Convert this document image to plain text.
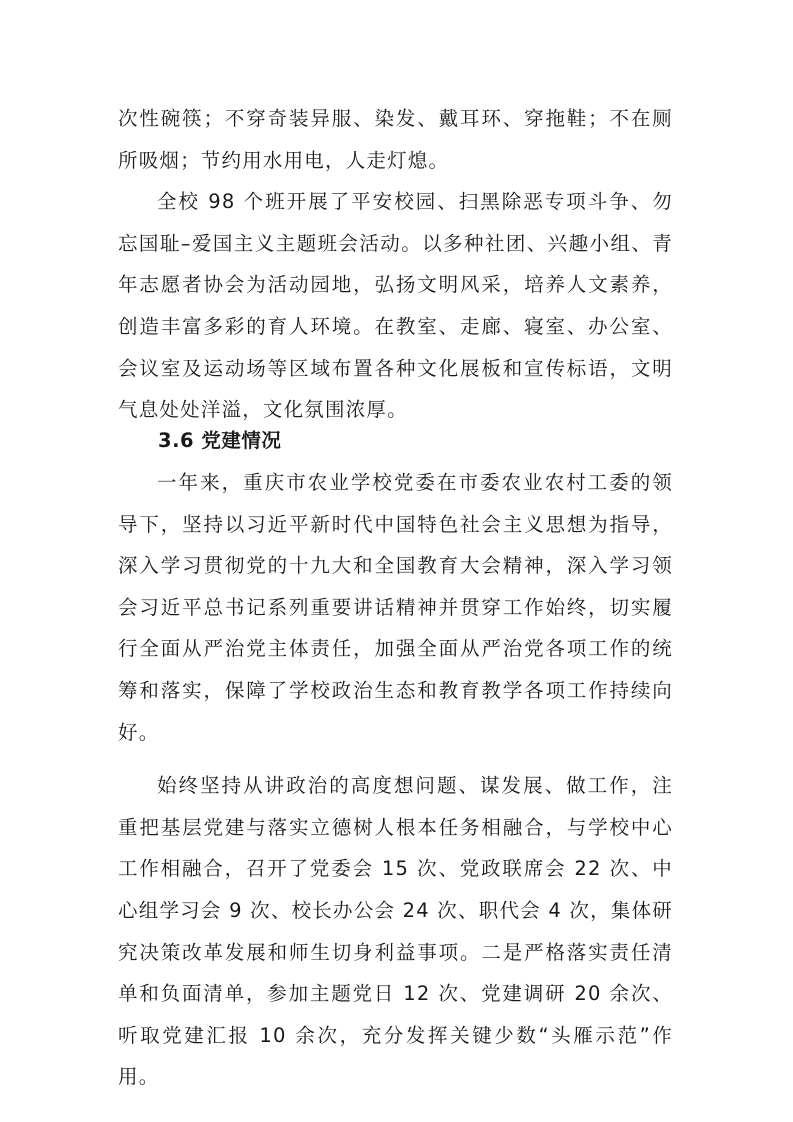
次性碗筷；不穿奇装异服、染发、戴耳环、穿拖鞋；不在厕所吸烟；节约用水用电，人走灯熄。

全校 98 个班开展了平安校园、扫黑除恶专项斗争、勿忘国耻–爱国主义主题班会活动。以多种社团、兴趣小组、青年志愿者协会为活动园地，弘扬文明风采，培养人文素养，创造丰富多彩的育人环境。在教室、走廊、寝室、办公室、会议室及运动场等区域布置各种文化展板和宣传标语，文明气息处处洋溢，文化氛围浓厚。

3.6 党建情况

一年来，重庆市农业学校党委在市委农业农村工委的领导下，坚持以习近平新时代中国特色社会主义思想为指导，深入学习贯彻党的十九大和全国教育大会精神，深入学习领会习近平总书记系列重要讲话精神并贯穿工作始终，切实履行全面从严治党主体责任，加强全面从严治党各项工作的统筹和落实，保障了学校政治生态和教育教学各项工作持续向好。

始终坚持从讲政治的高度想问题、谋发展、做工作，注重把基层党建与落实立德树人根本任务相融合，与学校中心工作相融合，召开了党委会 15 次、党政联席会 22 次、中心组学习会 9 次、校长办公会 24 次、职代会 4 次，集体研究决策改革发展和师生切身利益事项。二是严格落实责任清单和负面清单，参加主题党日 12 次、党建调研 20 余次、听取党建汇报 10 余次，充分发挥关键少数“头雁示范”作用。
